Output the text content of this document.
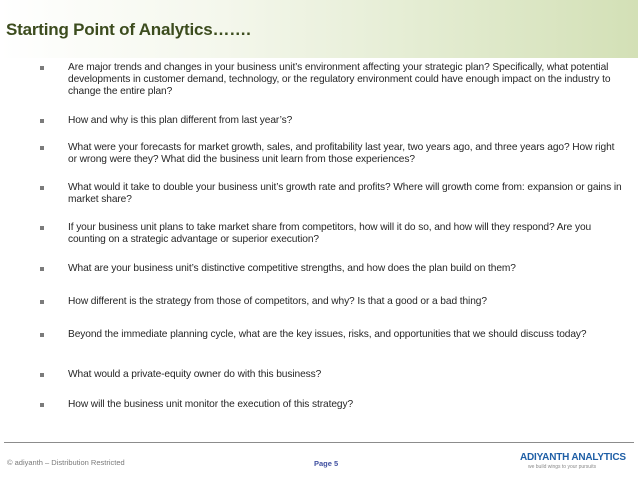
Starting Point of Analytics…….
Are major trends and changes in your business unit’s environment affecting your strategic plan? Specifically, what potential developments in customer demand, technology, or the regulatory environment could have enough impact on the industry to change the entire plan?
How and why is this plan different from last year’s?
What were your forecasts for market growth, sales, and profitability last year, two years ago, and three years ago? How right or wrong were they? What did the business unit learn from those experiences?
What would it take to double your business unit’s growth rate and profits? Where will growth come from: expansion or gains in market share?
If your business unit plans to take market share from competitors, how will it do so, and how will they respond? Are you counting on a strategic advantage or superior execution?
What are your business unit’s distinctive competitive strengths, and how does the plan build on them?
How different is the strategy from those of competitors, and why? Is that a good or a bad thing?
Beyond the immediate planning cycle, what are the key issues, risks, and opportunities that we should discuss today?
What would a private-equity owner do with this business?
How will the business unit monitor the execution of this strategy?
© adiyanth – Distribution Restricted	Page 5
ADIYANTH ANALYTICS
we build wings to your pursuits
